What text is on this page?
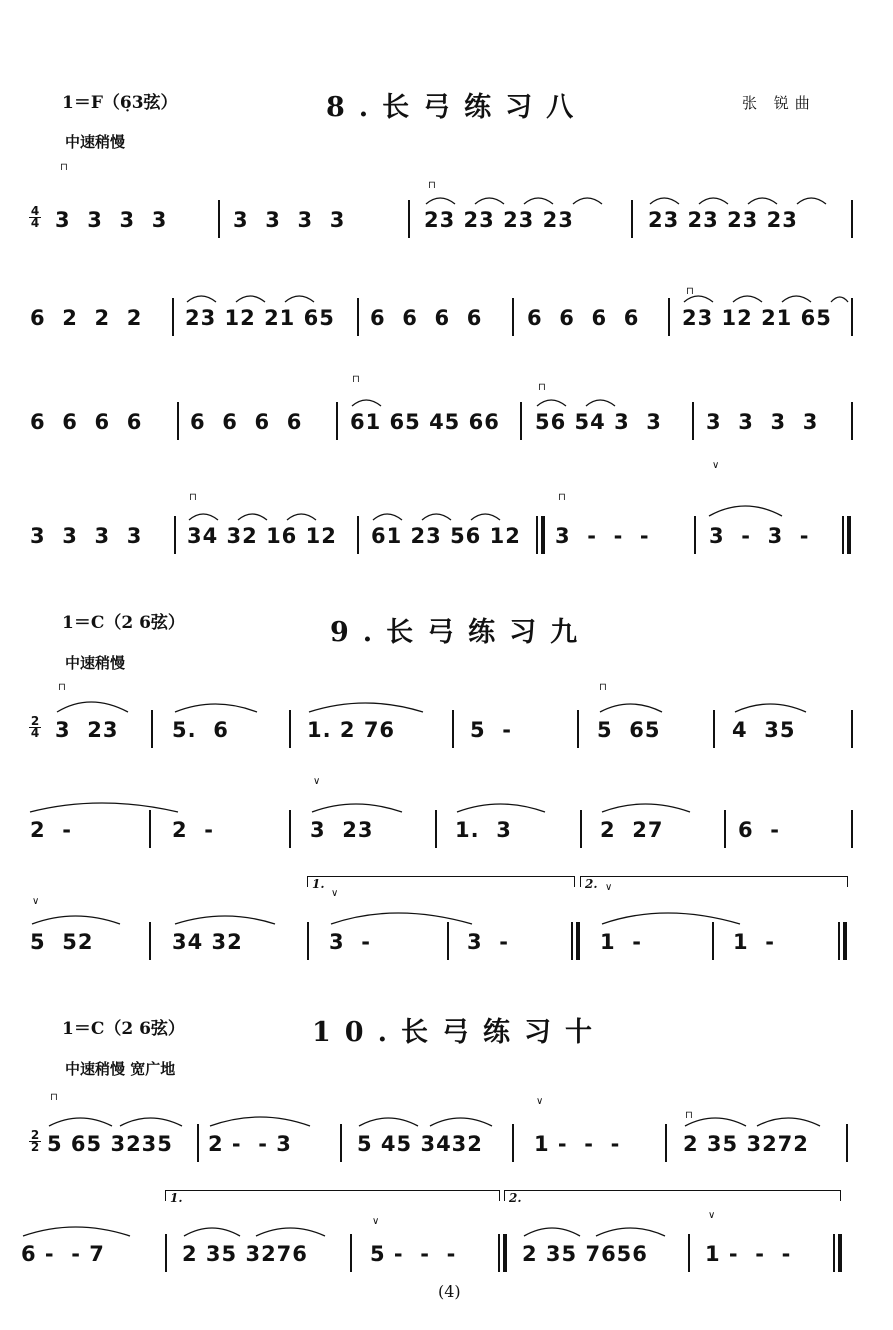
1＝F（6̣3弦）	8.长弓练习八	张 锐曲
中速稍慢
4
4 3  3  3  3	3  3  3  3	23 23 23 23	23 23 23 23
6  2  2  2 23 12 21 65 6  6  6  6 6  6  6  6 23 12 21 65
6  6  6  6 6  6  6  6 61 65 45 66 56 54 3  3 3  3  3  3
3  3  3  3 34 32 16 12 61 23 56 12 3  -  -  -	3  -  3  -
1＝C（2 6弦）	9.长弓练习九
中速稍慢
2
4 3  23	5.  6	1. 2 76	5  -	5  65	4  35
2  -	2  -	3  23	1.  3	2  27	6  -
1.	2.
5  52	34 32	3  -	3  -	1  -	1  -
1＝C（2 6弦）	10.长弓练习十
中速稍慢 宽广地
2
2 5 65 3235 2 -  - 3	5 45 3432 1 -  -  -	2 35 3272
1.	2.
6 -  - 7	2 35 3276	5 -  -  -	2 35 7656	1 -  -  -
(4)
⊓
⊓
⊓
⊓
⊓
⊓	⊓
∨
⊓	⊓
∨
∨
∨
∨
⊓	∨
⊓
∨
∨
